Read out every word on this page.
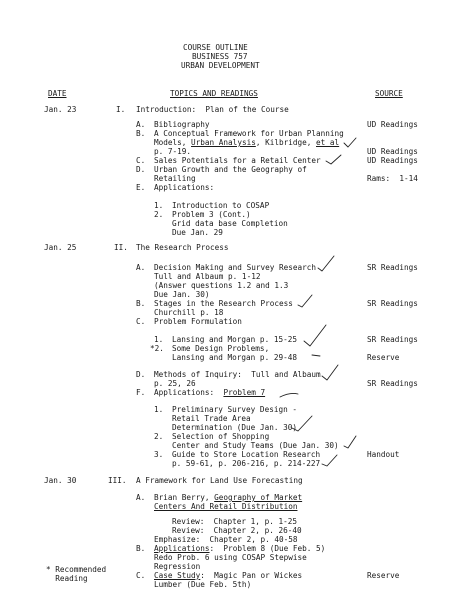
COURSE OUTLINE
BUSINESS 757
URBAN DEVELOPMENT
DATE	TOPICS AND READINGS	SOURCE
Jan. 23	I. Introduction:  Plan of the Course
A. Bibliography	UD Readings
B. A Conceptual Framework for Urban Planning
Models, Urban Analysis, Kilbridge, et al
p. 7-19.	UD Readings
C. Sales Potentials for a Retail Center	UD Readings
D. Urban Growth and the Geography of
Retailing	Rams:  1-14
E. Applications:
1. Introduction to COSAP
2. Problem 3 (Cont.)
Grid data base Completion
Due Jan. 29
Jan. 25	II. The Research Process
A. Decision Making and Survey Research	SR Readings
Tull and Albaum p. 1-12
(Answer questions 1.2 and 1.3
Due Jan. 30)
B. Stages in the Research Process	SR Readings
Churchill p. 18
C. Problem Formulation
1. Lansing and Morgan p. 15-25	SR Readings
*2. Some Design Problems,
Lansing and Morgan p. 29-48	Reserve
D. Methods of Inquiry:  Tull and Albaum
p. 25, 26	SR Readings
F. Applications:  Problem 7
1. Preliminary Survey Design -
Retail Trade Area
Determination (Due Jan. 30)
2. Selection of Shopping
Center and Study Teams (Due Jan. 30)
3. Guide to Store Location Research	Handout
p. 59-61, p. 206-216, p. 214-227
Jan. 30	III. A Framework for Land Use Forecasting
A. Brian Berry, Geography of Market
Centers And Retail Distribution
Review:  Chapter 1, p. 1-25
Review:  Chapter 2, p. 26-40
Emphasize:  Chapter 2, p. 40-58
B. Applications:  Problem 8 (Due Feb. 5)
Redo Prob. 6 using COSAP Stepwise
Regression
C. Case Study:  Magic Pan or Wickes	Reserve
Lumber (Due Feb. 5th)
* Recommended
Reading
